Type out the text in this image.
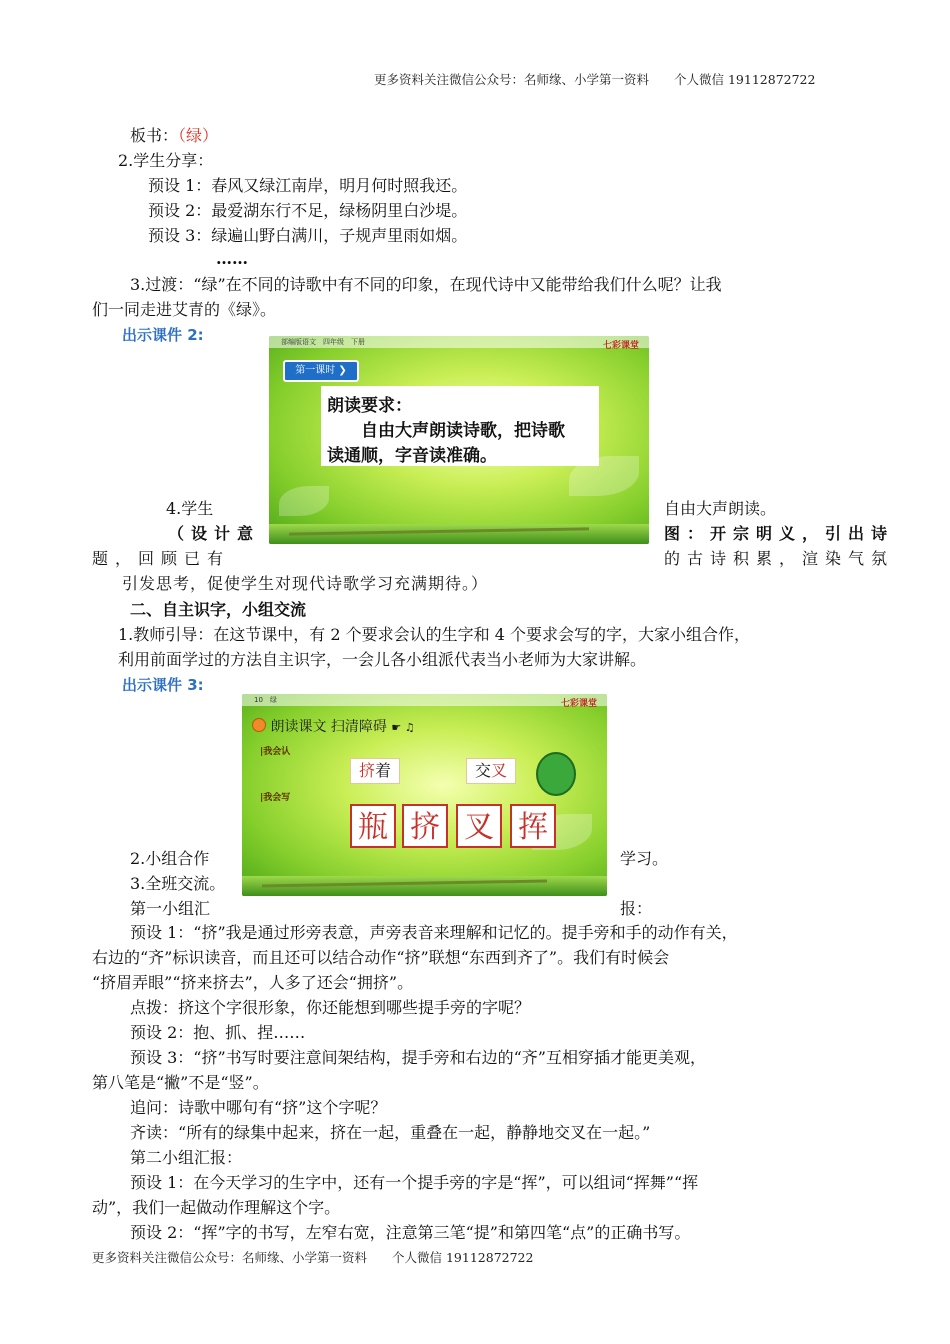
更多资料关注微信公众号：名师缘、小学第一资料　　个人微信 19112872722
板书：（绿）
2.学生分享：
预设 1：春风又绿江南岸，明月何时照我还。
预设 2：最爱湖东行不足，绿杨阴里白沙堤。
预设 3：绿遍山野白满川，子规声里雨如烟。
……
3.过渡：“绿”在不同的诗歌中有不同的印象，在现代诗中又能带给我们什么呢？让我
们一同走进艾青的《绿》。
出示课件 2:	部编版语文　四年级　下册	七彩课堂
第一课时 ❯
朗读要求：
自由大声朗读诗歌，把诗歌
读通顺，字音读准确。
4.学生	自由大声朗读。
（设计意	图：开宗明义，引出诗
题，回顾已有	的古诗积累，渲染气氛
引发思考，促使学生对现代诗歌学习充满期待。）
二、自主识字，小组交流
1.教师引导：在这节课中，有 2 个要求会认的生字和 4 个要求会写的字，大家小组合作，
利用前面学过的方法自主识字，一会儿各小组派代表当小老师为大家讲解。
出示课件 3:
10　绿	七彩课堂
朗读课文 扫清障碍 ☛ ♫
|我会认
|我会写
挤着	交叉
瓶 挤 叉 挥
2.小组合作	学习。
3.全班交流。
第一小组汇	报：
预设 1：“挤”我是通过形旁表意，声旁表音来理解和记忆的。提手旁和手的动作有关，
右边的“齐”标识读音，而且还可以结合动作“挤”联想“东西到齐了”。我们有时候会
“挤眉弄眼”“挤来挤去”，人多了还会“拥挤”。
点拨：挤这个字很形象，你还能想到哪些提手旁的字呢？
预设 2：抱、抓、捏……
预设 3：“挤”书写时要注意间架结构，提手旁和右边的“齐”互相穿插才能更美观，
第八笔是“撇”不是“竖”。
追问：诗歌中哪句有“挤”这个字呢？
齐读：“所有的绿集中起来，挤在一起，重叠在一起，静静地交叉在一起。”
第二小组汇报：
预设 1：在今天学习的生字中，还有一个提手旁的字是“挥”，可以组词“挥舞”“挥
动”，我们一起做动作理解这个字。
预设 2：“挥”字的书写，左窄右宽，注意第三笔“提”和第四笔“点”的正确书写。
更多资料关注微信公众号：名师缘、小学第一资料　　个人微信 19112872722
